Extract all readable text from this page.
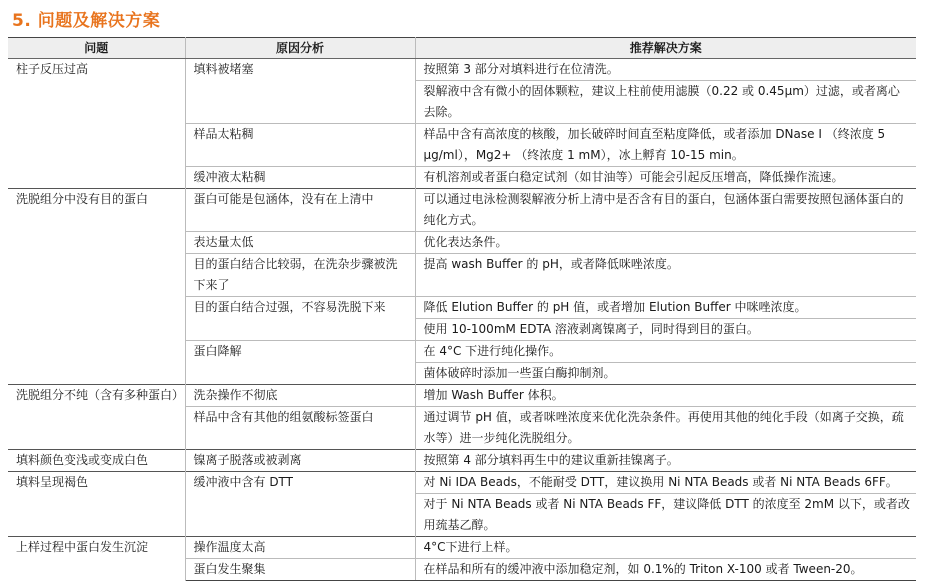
5. 问题及解决方案
问题	原因分析	推荐解决方案
柱子反压过高	填料被堵塞	按照第 3 部分对填料进行在位清洗。
		裂解液中含有微小的固体颗粒，建议上柱前使用滤膜（0.22 或 0.45μm）过滤，或者离心去除。
	样品太粘稠	样品中含有高浓度的核酸，加长破碎时间直至粘度降低，或者添加 DNase I （终浓度 5 μg/ml），Mg2+ （终浓度 1 mM），冰上孵育 10-15 min。
	缓冲液太粘稠	有机溶剂或者蛋白稳定试剂（如甘油等）可能会引起反压增高，降低操作流速。
洗脱组分中没有目的蛋白	蛋白可能是包涵体，没有在上清中	可以通过电泳检测裂解液分析上清中是否含有目的蛋白，包涵体蛋白需要按照包涵体蛋白的纯化方式。
	表达量太低	优化表达条件。
	目的蛋白结合比较弱，在洗杂步骤被洗下来了	提高 wash Buffer 的 pH，或者降低咪唑浓度。
	目的蛋白结合过强，不容易洗脱下来	降低 Elution Buffer 的 pH 值，或者增加 Elution Buffer 中咪唑浓度。
		使用 10-100mM EDTA 溶液剥离镍离子，同时得到目的蛋白。
	蛋白降解	在 4°C 下进行纯化操作。
		菌体破碎时添加一些蛋白酶抑制剂。
洗脱组分不纯（含有多种蛋白）	洗杂操作不彻底	增加 Wash Buffer 体积。
	样品中含有其他的组氨酸标签蛋白	通过调节 pH 值，或者咪唑浓度来优化洗杂条件。再使用其他的纯化手段（如离子交换，疏水等）进一步纯化洗脱组分。
填料颜色变浅或变成白色	镍离子脱落或被剥离	按照第 4 部分填料再生中的建议重新挂镍离子。
填料呈现褐色	缓冲液中含有 DTT	对 Ni IDA Beads，不能耐受 DTT，建议换用 Ni NTA Beads 或者 Ni NTA Beads 6FF。
		对于 Ni NTA Beads 或者 Ni NTA Beads FF，建议降低 DTT 的浓度至 2mM 以下，或者改用巯基乙醇。
上样过程中蛋白发生沉淀	操作温度太高	4°C下进行上样。
	蛋白发生聚集	在样品和所有的缓冲液中添加稳定剂，如 0.1%的 Triton X-100 或者 Tween-20。
